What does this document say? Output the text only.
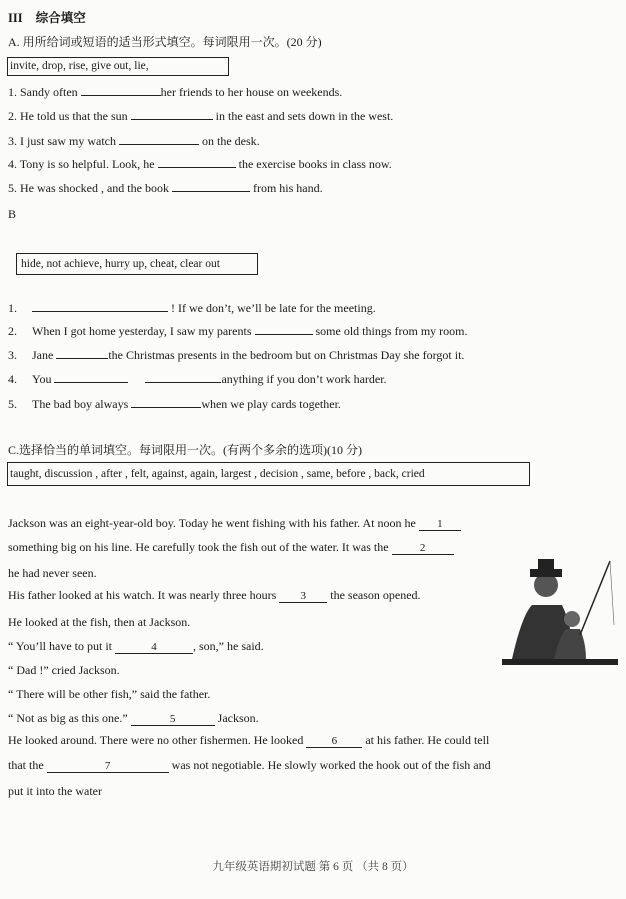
III 综合填空
A. 用所给词或短语的适当形式填空。每词限用一次。(20 分)
invite, drop, rise, give out, lie,
1. Sandy often	her friends to her house on weekends.
2. He told us that the sun	in the east and sets down in the west.
3. I just saw my watch	on the desk.
4. Tony is so helpful. Look, he	the exercise books in class now.
5. He was shocked , and the book	from his hand.
B
hide, not achieve, hurry up, cheat, clear out
1.	! If we don’t, we’ll be late for the meeting.
2. When I got home yesterday, I saw my parents	some old things from my room.
3. Jane	the Christmas presents in the bedroom but on Christmas Day she forgot it.
4. You	anything if you don’t work harder.
5. The bad boy always	when we play cards together.
C.选择恰当的单词填空。每词限用一次。(有两个多余的选项)(10 分)
taught, discussion , after , felt, against, again, largest , decision , same, before , back, cried
Jackson was an eight-year-old boy. Today he went fishing with his father. At noon he 1
something big on his line. He carefully took the fish out of the water. It was the	2
he had never seen.
His father looked at his watch. It was nearly three hours 3 the season opened.
He looked at the fish, then at Jackson.
“ You’ll have to put it	4	, son,” he said.
“ Dad !” cried Jackson.
“ There will be other fish,” said the father.
“ Not as big as this one.”	5	Jackson.
He looked around. There were no other fishermen. He looked	6 at his father. He could tell
that the	7	was not negotiable. He slowly worked the hook out of the fish and
put it into the water
九年级英语期初试题 第 6 页 （共 8 页）
